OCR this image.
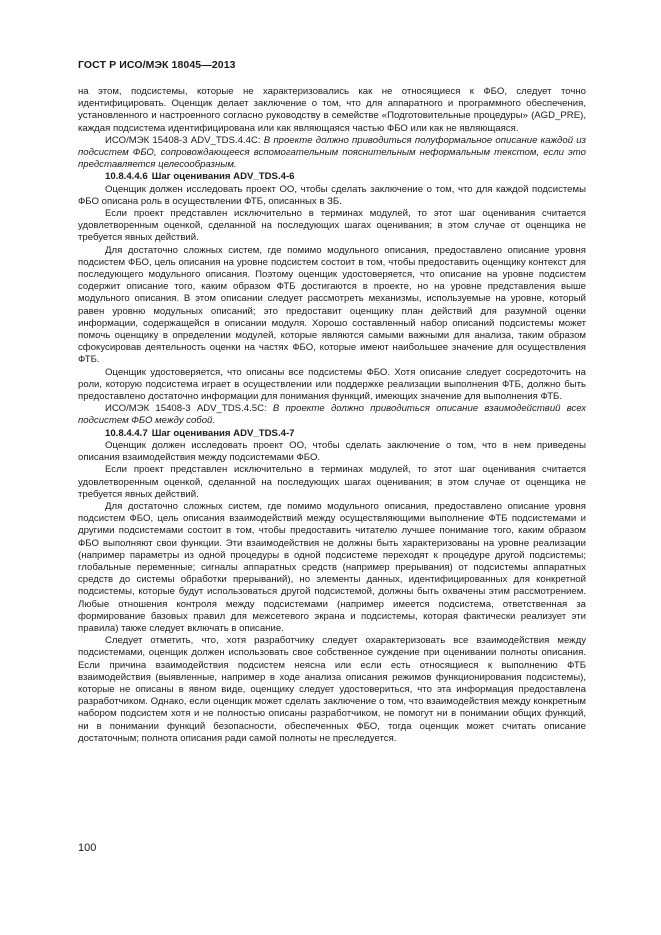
ГОСТ Р ИСО/МЭК 18045—2013

на этом, подсистемы, которые не характеризовались как не относящиеся к ФБО, следует точно идентифицировать. Оценщик делает заключение о том, что для аппаратного и программного обеспечения, установленного и настроенного согласно руководству в семействе «Подготовительные процедуры» (AGD_PRE), каждая подсистема идентифицирована или как являющаяся частью ФБО или как не являющаяся.

ИСО/МЭК 15408-3 ADV_TDS.4.4C: В проекте должно приводиться полуформальное описание каждой из подсистем ФБО, сопровождающееся вспомогательным пояснительным неформальным текстом, если это представляется целесообразным.

10.8.4.4.6 Шаг оценивания ADV_TDS.4-6

Оценщик должен исследовать проект ОО, чтобы сделать заключение о том, что для каждой подсистемы ФБО описана роль в осуществлении ФТБ, описанных в ЗБ.

Если проект представлен исключительно в терминах модулей, то этот шаг оценивания считается удовлетворенным оценкой, сделанной на последующих шагах оценивания; в этом случае от оценщика не требуется явных действий.

Для достаточно сложных систем, где помимо модульного описания, предоставлено описание уровня подсистем ФБО, цель описания на уровне подсистем состоит в том, чтобы предоставить оценщику контекст для последующего модульного описания. Поэтому оценщик удостоверяется, что описание на уровне подсистем содержит описание того, каким образом ФТБ достигаются в проекте, но на уровне представления выше модульного описания. В этом описании следует рассмотреть механизмы, используемые на уровне, который равен уровню модульных описаний; это предоставит оценщику план действий для разумной оценки информации, содержащейся в описании модуля. Хорошо составленный набор описаний подсистемы может помочь оценщику в определении модулей, которые являются самыми важными для анализа, таким образом сфокусировав деятельность оценки на частях ФБО, которые имеют наибольшее значение для осуществления ФТБ.

Оценщик удостоверяется, что описаны все подсистемы ФБО. Хотя описание следует сосредоточить на роли, которую подсистема играет в осуществлении или поддержке реализации выполнения ФТБ, должно быть предоставлено достаточно информации для понимания функций, имеющих значение для выполнения ФТБ.

ИСО/МЭК 15408-3 ADV_TDS.4.5C: В проекте должно приводиться описание взаимодействий всех подсистем ФБО между собой.

10.8.4.4.7 Шаг оценивания ADV_TDS.4-7

Оценщик должен исследовать проект ОО, чтобы сделать заключение о том, что в нем приведены описания взаимодействия между подсистемами ФБО.

Если проект представлен исключительно в терминах модулей, то этот шаг оценивания считается удовлетворенным оценкой, сделанной на последующих шагах оценивания; в этом случае от оценщика не требуется явных действий.

Для достаточно сложных систем, где помимо модульного описания, предоставлено описание уровня подсистем ФБО, цель описания взаимодействий между осуществляющими выполнение ФТБ подсистемами и другими подсистемами состоит в том, чтобы предоставить читателю лучшее понимание того, каким образом ФБО выполняют свои функции. Эти взаимодействия не должны быть характеризованы на уровне реализации (например параметры из одной процедуры в одной подсистеме переходят к процедуре другой подсистемы; глобальные переменные; сигналы аппаратных средств (например прерывания) от подсистемы аппаратных средств до системы обработки прерываний), но элементы данных, идентифицированных для конкретной подсистемы, которые будут использоваться другой подсистемой, должны быть охвачены этим рассмотрением. Любые отношения контроля между подсистемами (например имеется подсистема, ответственная за формирование базовых правил для межсетевого экрана и подсистемы, которая фактически реализует эти правила) также следует включать в описание.

Следует отметить, что, хотя разработчику следует охарактеризовать все взаимодействия между подсистемами, оценщик должен использовать свое собственное суждение при оценивании полноты описания. Если причина взаимодействия подсистем неясна или если есть относящиеся к выполнению ФТБ взаимодействия (выявленные, например в ходе анализа описания режимов функционирования подсистемы), которые не описаны в явном виде, оценщику следует удостовериться, что эта информация предоставлена разработчиком. Однако, если оценщик может сделать заключение о том, что взаимодействия между конкретным набором подсистем хотя и не полностью описаны разработчиком, не помогут ни в понимании общих функций, ни в понимании функций безопасности, обеспеченных ФБО, тогда оценщик может считать описание достаточным; полнота описания ради самой полноты не преследуется.

100
